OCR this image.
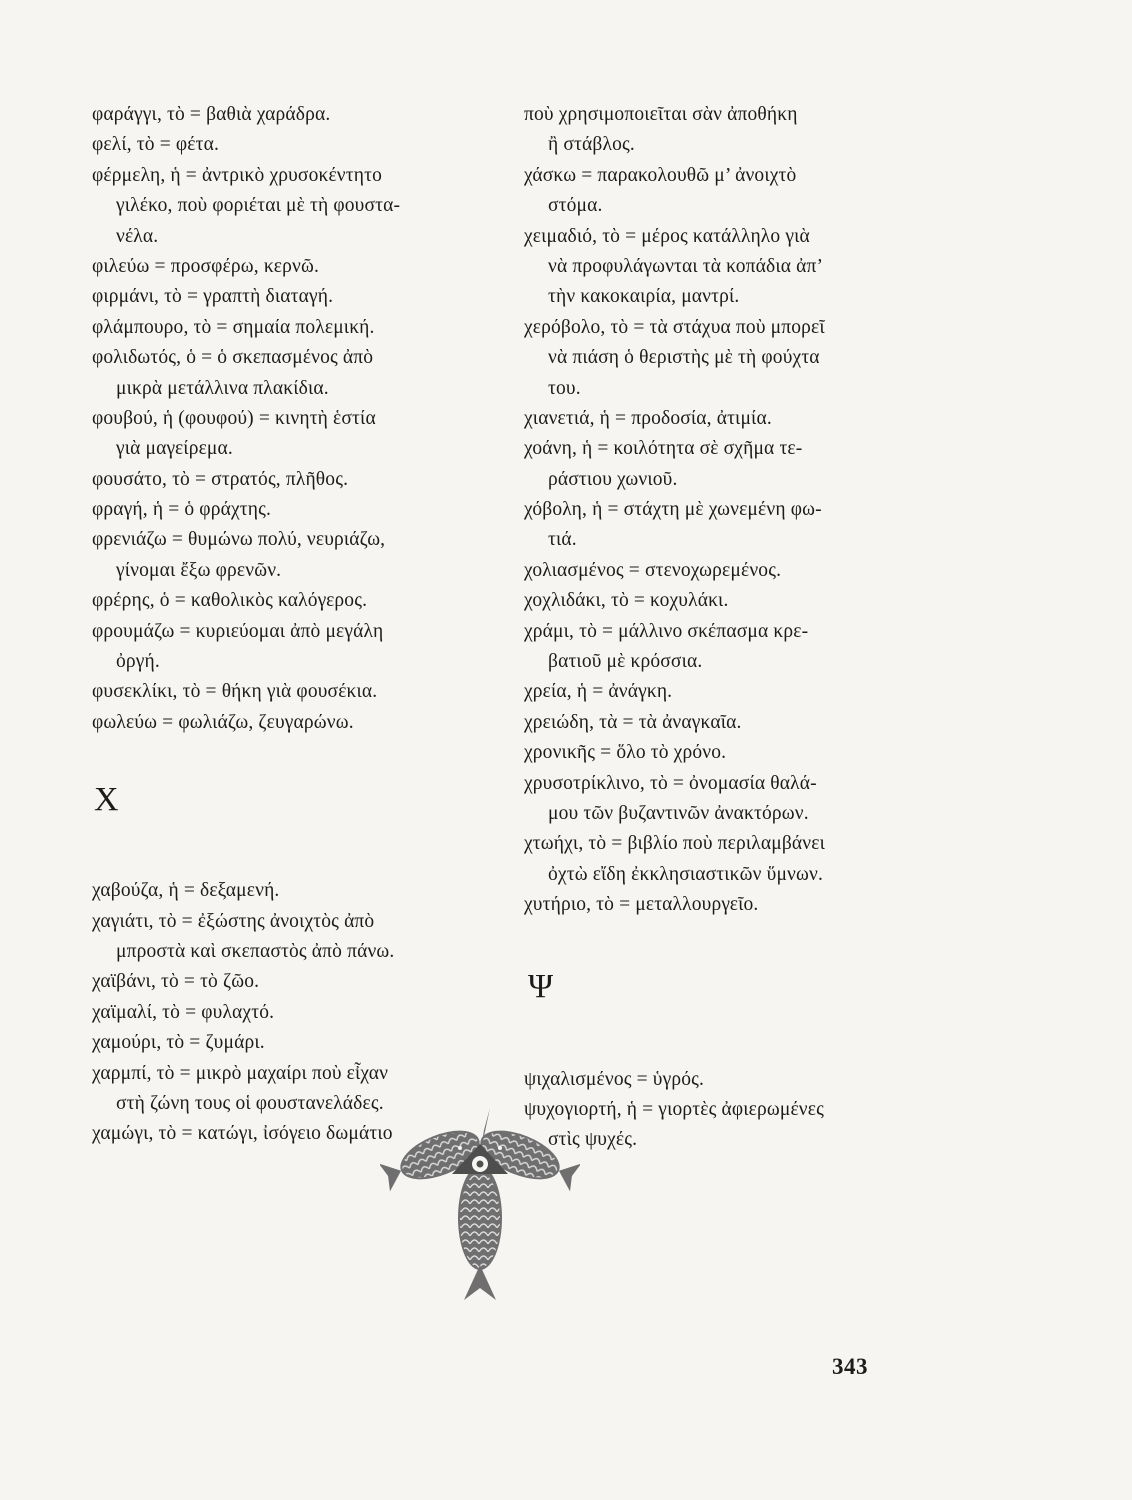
φαράγγι, τὸ = βαθιὰ χαράδρα.
φελί, τὸ = φέτα.
φέρμελη, ἡ = ἀντρικὸ χρυσοκέντητο
γιλέκο, ποὺ φοριέται μὲ τὴ φουστα-
νέλα.
φιλεύω = προσφέρω, κερνῶ.
φιρμάνι, τὸ = γραπτὴ διαταγή.
φλάμπουρο, τὸ = σημαία πολεμική.
φολιδωτός, ὁ = ὁ σκεπασμένος ἀπὸ
μικρὰ μετάλλινα πλακίδια.
φουβού, ἡ (φουφού) = κινητὴ ἑστία
γιὰ μαγείρεμα.
φουσάτο, τὸ = στρατός, πλῆθος.
φραγή, ἡ = ὁ φράχτης.
φρενιάζω = θυμώνω πολύ, νευριάζω,
γίνομαι ἔξω φρενῶν.
φρέρης, ὁ = καθολικὸς καλόγερος.
φρουμάζω = κυριεύομαι ἀπὸ μεγάλη
ὀργή.
φυσεκλίκι, τὸ = θήκη γιὰ φουσέκια.
φωλεύω = φωλιάζω, ζευγαρώνω.
Χ
χαβούζα, ἡ = δεξαμενή.
χαγιάτι, τὸ = ἐξώστης ἀνοιχτὸς ἀπὸ
μπροστὰ καὶ σκεπαστὸς ἀπὸ πάνω.
χαϊβάνι, τὸ = τὸ ζῶο.
χαϊμαλί, τὸ = φυλαχτό.
χαμούρι, τὸ = ζυμάρι.
χαρμπί, τὸ = μικρὸ μαχαίρι ποὺ εἶχαν
στὴ ζώνη τους οἱ φουστανελάδες.
χαμώγι, τὸ = κατώγι, ἰσόγειο δωμάτιο
ποὺ χρησιμοποιεῖται σὰν ἀποθήκη
ἢ στάβλος.
χάσκω = παρακολουθῶ μ’ ἀνοιχτὸ
στόμα.
χειμαδιό, τὸ = μέρος κατάλληλο γιὰ
νὰ προφυλάγωνται τὰ κοπάδια ἀπ’
τὴν κακοκαιρία, μαντρί.
χερόβολο, τὸ = τὰ στάχυα ποὺ μπορεῖ
νὰ πιάση ὁ θεριστὴς μὲ τὴ φούχτα
του.
χιανετιά, ἡ = προδοσία, ἀτιμία.
χοάνη, ἡ = κοιλότητα σὲ σχῆμα τε-
ράστιου χωνιοῦ.
χόβολη, ἡ = στάχτη μὲ χωνεμένη φω-
τιά.
χολιασμένος = στενοχωρεμένος.
χοχλιδάκι, τὸ = κοχυλάκι.
χράμι, τὸ = μάλλινο σκέπασμα κρε-
βατιοῦ μὲ κρόσσια.
χρεία, ἡ = ἀνάγκη.
χρειώδη, τὰ = τὰ ἀναγκαῖα.
χρονικῆς = ὅλο τὸ χρόνο.
χρυσοτρίκλινο, τὸ = ὀνομασία θαλά-
μου τῶν βυζαντινῶν ἀνακτόρων.
χτωήχι, τὸ = βιβλίο ποὺ περιλαμβάνει
ὀχτὼ εἴδη ἐκκλησιαστικῶν ὕμνων.
χυτήριο, τὸ = μεταλλουργεῖο.
Ψ
ψιχαλισμένος = ὑγρός.
ψυχογιορτή, ἡ = γιορτὲς ἀφιερωμένες
στὶς ψυχές.
343
